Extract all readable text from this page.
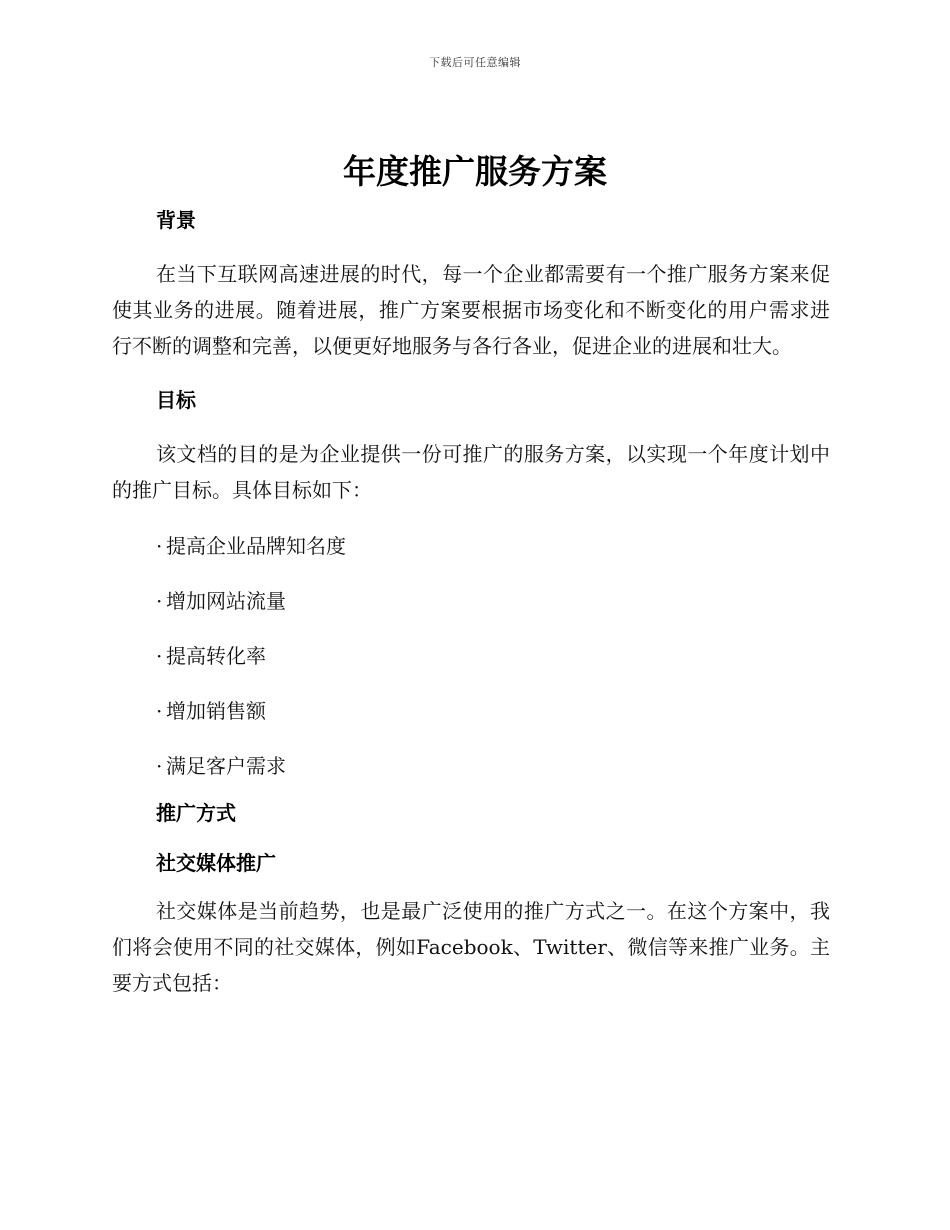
下载后可任意编辑
年度推广服务方案
背景

在当下互联网高速进展的时代，每一个企业都需要有一个推广服务方案来促使其业务的进展。随着进展，推广方案要根据市场变化和不断变化的用户需求进行不断的调整和完善，以便更好地服务与各行各业，促进企业的进展和壮大。

目标

该文档的目的是为企业提供一份可推广的服务方案，以实现一个年度计划中的推广目标。具体目标如下：

· 提高企业品牌知名度

· 增加网站流量

· 提高转化率

· 增加销售额

· 满足客户需求

推广方式
社交媒体推广

社交媒体是当前趋势，也是最广泛使用的推广方式之一。在这个方案中，我们将会使用不同的社交媒体，例如Facebook、Twitter、微信等来推广业务。主要方式包括：
